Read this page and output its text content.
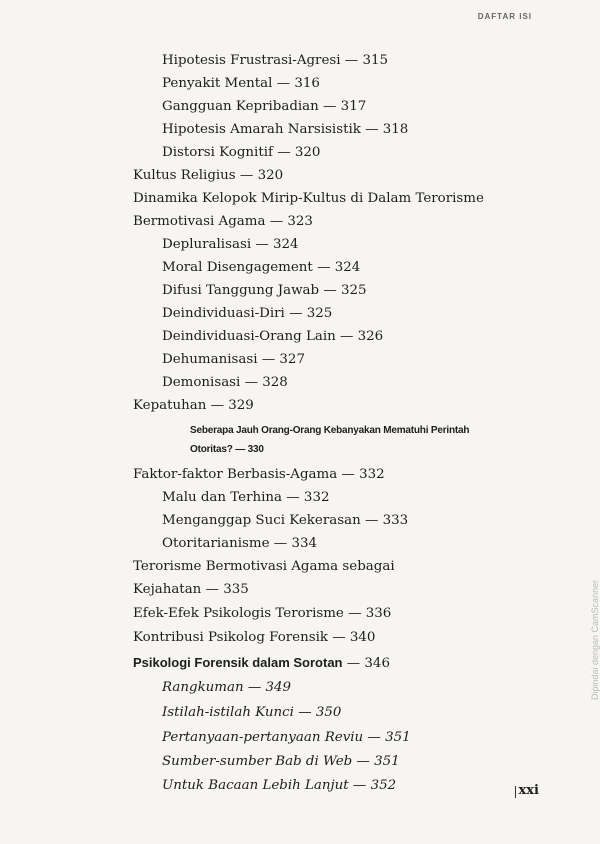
DAFTAR ISI
Hipotesis Frustrasi-Agresi — 315
Penyakit Mental — 316
Gangguan Kepribadian — 317
Hipotesis Amarah Narsisistik — 318
Distorsi Kognitif — 320
Kultus Religius — 320
Dinamika Kelopok Mirip-Kultus di Dalam Terorisme
Bermotivasi Agama — 323
Depluralisasi — 324
Moral Disengagement — 324
Difusi Tanggung Jawab — 325
Deindividuasi-Diri — 325
Deindividuasi-Orang Lain — 326
Dehumanisasi — 327
Demonisasi — 328
Kepatuhan — 329
Seberapa Jauh Orang-Orang Kebanyakan Mematuhi Perintah
Otoritas? — 330
Faktor-faktor Berbasis-Agama — 332
Malu dan Terhina — 332
Menganggap Suci Kekerasan — 333
Otoritarianisme — 334
Terorisme Bermotivasi Agama sebagai
Kejahatan — 335
Efek-Efek Psikologis Terorisme — 336
Kontribusi Psikolog Forensik — 340
Psikologi Forensik dalam Sorotan — 346
Rangkuman — 349
Istilah-istilah Kunci — 350
Pertanyaan-pertanyaan Reviu — 351
Sumber-sumber Bab di Web — 351
Untuk Bacaan Lebih Lanjut — 352	xxi
Dipindai dengan CamScanner
